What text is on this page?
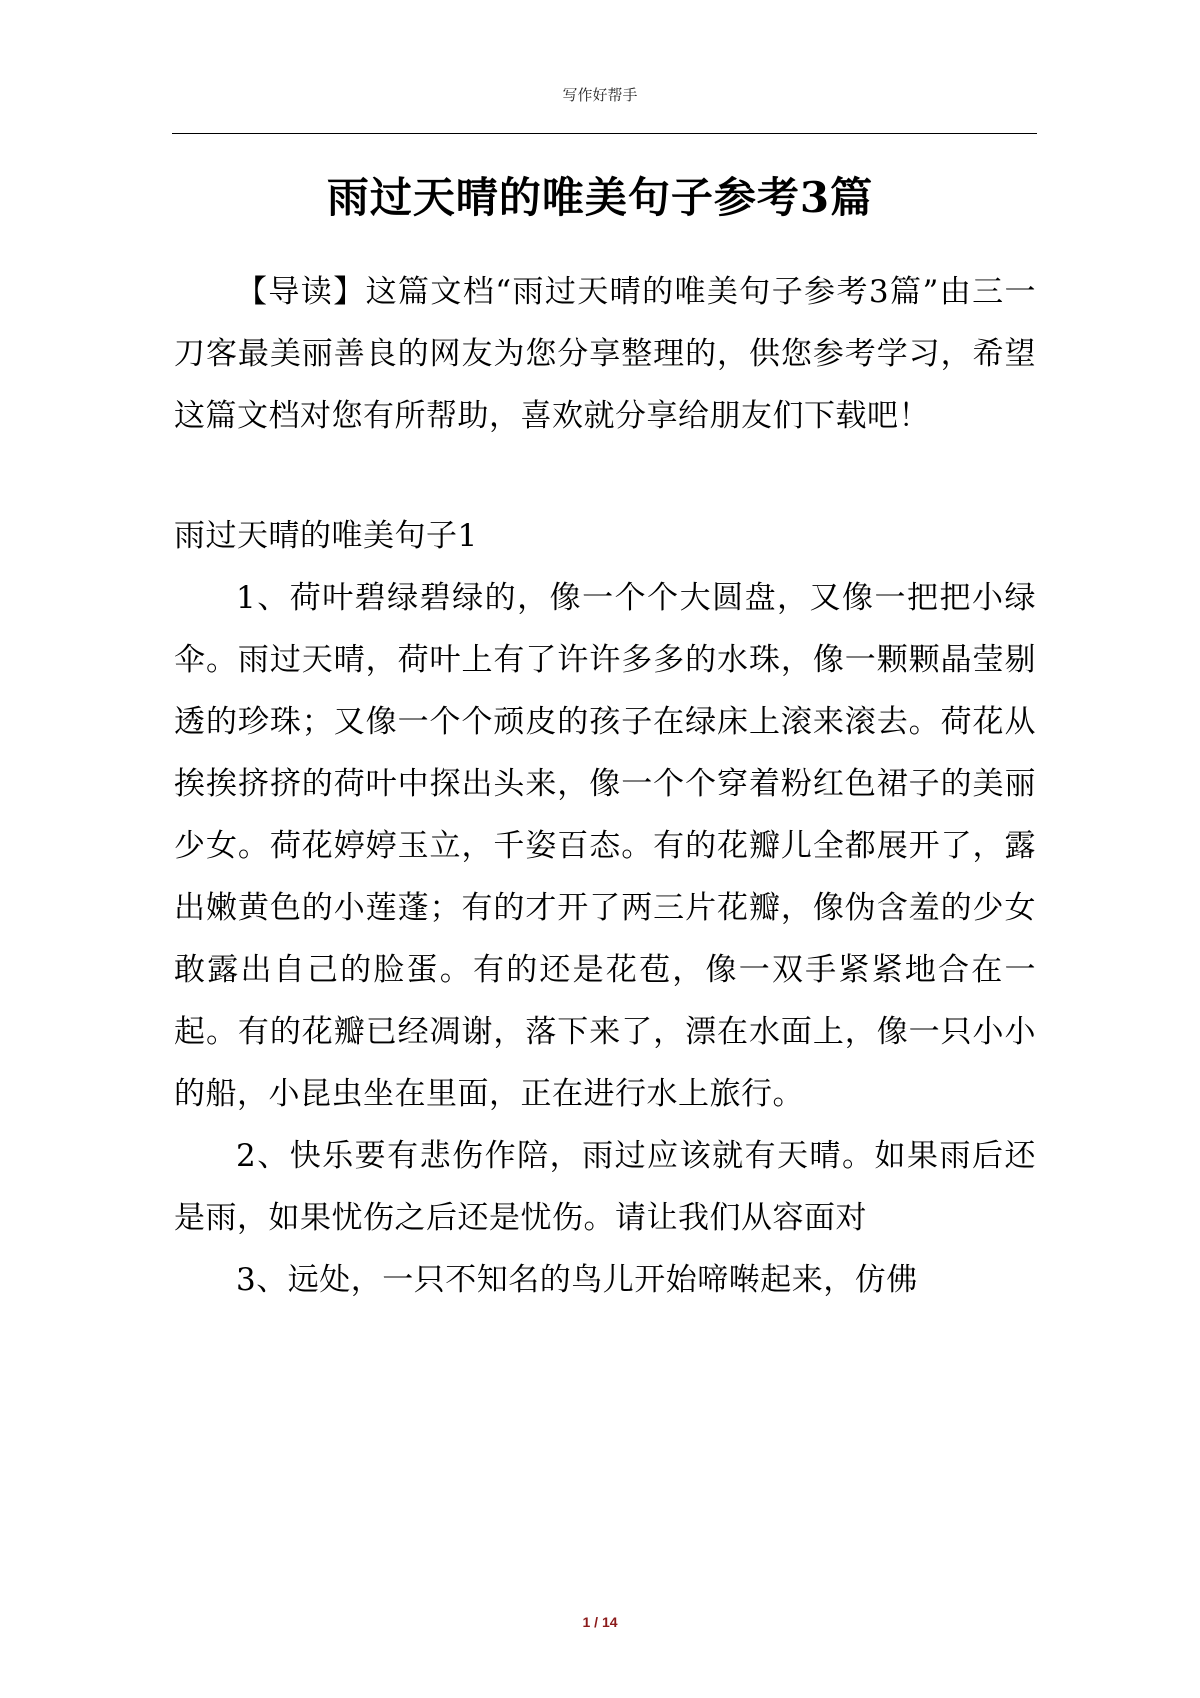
写作好帮手
雨过天晴的唯美句子参考3篇

【导读】这篇文档“雨过天晴的唯美句子参考3篇”由三一刀客最美丽善良的网友为您分享整理的，供您参考学习，希望这篇文档对您有所帮助，喜欢就分享给朋友们下载吧！

雨过天晴的唯美句子1

1、荷叶碧绿碧绿的，像一个个大圆盘，又像一把把小绿伞。雨过天晴，荷叶上有了许许多多的水珠，像一颗颗晶莹剔透的珍珠；又像一个个顽皮的孩子在绿床上滚来滚去。荷花从挨挨挤挤的荷叶中探出头来，像一个个穿着粉红色裙子的美丽少女。荷花婷婷玉立，千姿百态。有的花瓣儿全都展开了，露出嫩黄色的小莲蓬；有的才开了两三片花瓣，像伪含羞的少女敢露出自己的脸蛋。有的还是花苞，像一双手紧紧地合在一起。有的花瓣已经凋谢，落下来了，漂在水面上，像一只小小的船，小昆虫坐在里面，正在进行水上旅行。

2、快乐要有悲伤作陪，雨过应该就有天晴。如果雨后还是雨，如果忧伤之后还是忧伤。请让我们从容面对

3、远处，一只不知名的鸟儿开始啼啭起来，仿佛

1 / 14
